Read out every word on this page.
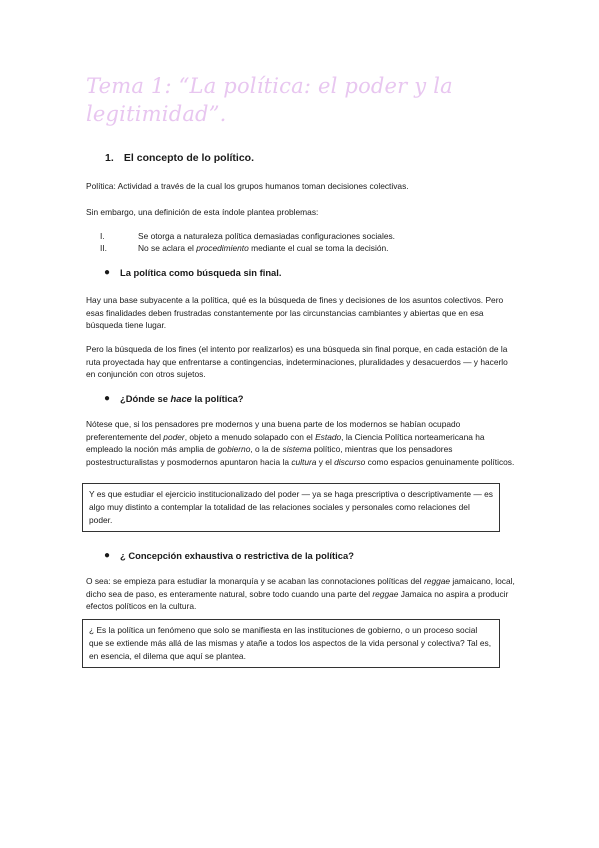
Tema 1: “La política: el poder y la legitimidad”.
1. El concepto de lo político.
Política: Actividad a través de la cual los grupos humanos toman decisiones colectivas.
Sin embargo, una definición de esta índole plantea problemas:
I.	Se otorga a naturaleza política demasiadas configuraciones sociales.
II.	No se aclara el procedimiento mediante el cual se toma la decisión.
●	La política como búsqueda sin final.
Hay una base subyacente a la política, qué es la búsqueda de fines y decisiones de los asuntos colectivos. Pero esas finalidades deben frustradas constantemente por las circunstancias cambiantes y abiertas que en esa búsqueda tiene lugar.
Pero la búsqueda de los fines (el intento por realizarlos) es una búsqueda sin final porque, en cada estación de la ruta proyectada hay que enfrentarse a contingencias, indeterminaciones, pluralidades y desacuerdos — y hacerlo en conjunción con otros sujetos.
●	¿Dónde se hace la política?
Nótese que, si los pensadores pre modernos y una buena parte de los modernos se habían ocupado preferentemente del poder, objeto a menudo solapado con el Estado, la Ciencia Política norteamericana ha empleado la noción más amplia de gobierno, o la de sistema político, mientras que los pensadores postestructuralistas y posmodernos apuntaron hacia la cultura y el discurso como espacios genuinamente políticos.
Y es que estudiar el ejercicio institucionalizado del poder — ya se haga prescriptiva o descriptivamente — es algo muy distinto a contemplar la totalidad de las relaciones sociales y personales como relaciones del poder.
●	¿ Concepción exhaustiva o restrictiva de la política?
O sea: se empieza para estudiar la monarquía y se acaban las connotaciones políticas del reggae jamaicano, local, dicho sea de paso, es enteramente natural, sobre todo cuando una parte del reggae Jamaica no aspira a producir efectos políticos en la cultura.
¿ Es la política un fenómeno que solo se manifiesta en las instituciones de gobierno, o un proceso social que se extiende más allá de las mismas y atañe a todos los aspectos de la vida personal y colectiva? Tal es, en esencia, el dilema que aquí se plantea.
